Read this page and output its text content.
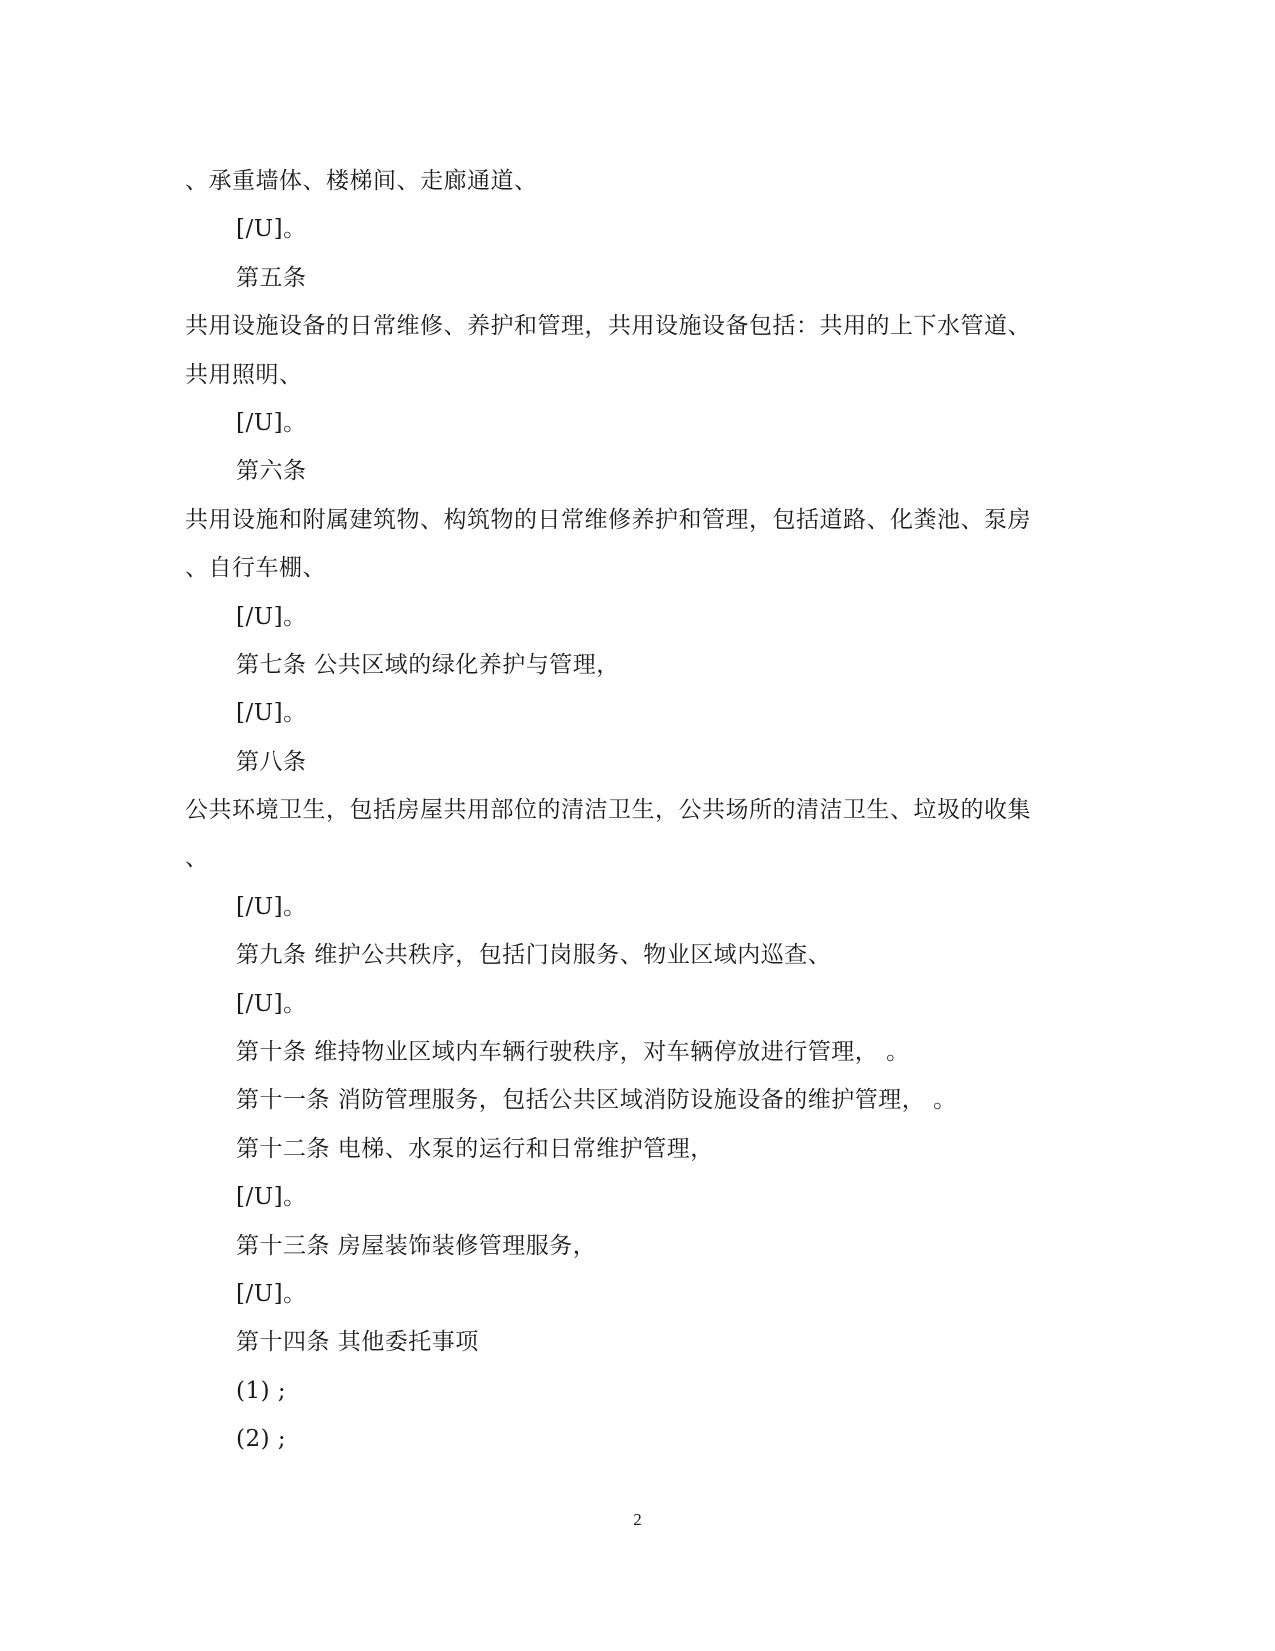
、承重墙体、楼梯间、走廊通道、
[/U]。
第五条
共用设施设备的日常维修、养护和管理，共用设施设备包括：共用的上下水管道、
共用照明、
[/U]。
第六条
共用设施和附属建筑物、构筑物的日常维修养护和管理，包括道路、化粪池、泵房
、自行车棚、
[/U]。
第七条 公共区域的绿化养护与管理，
[/U]。
第八条
公共环境卫生，包括房屋共用部位的清洁卫生，公共场所的清洁卫生、垃圾的收集
、
[/U]。
第九条 维护公共秩序，包括门岗服务、物业区域内巡查、
[/U]。
第十条 维持物业区域内车辆行驶秩序，对车辆停放进行管理， 。
第十一条 消防管理服务，包括公共区域消防设施设备的维护管理， 。
第十二条 电梯、水泵的运行和日常维护管理，
[/U]。
第十三条 房屋装饰装修管理服务，
[/U]。
第十四条 其他委托事项
(1) ;
(2) ;
2
